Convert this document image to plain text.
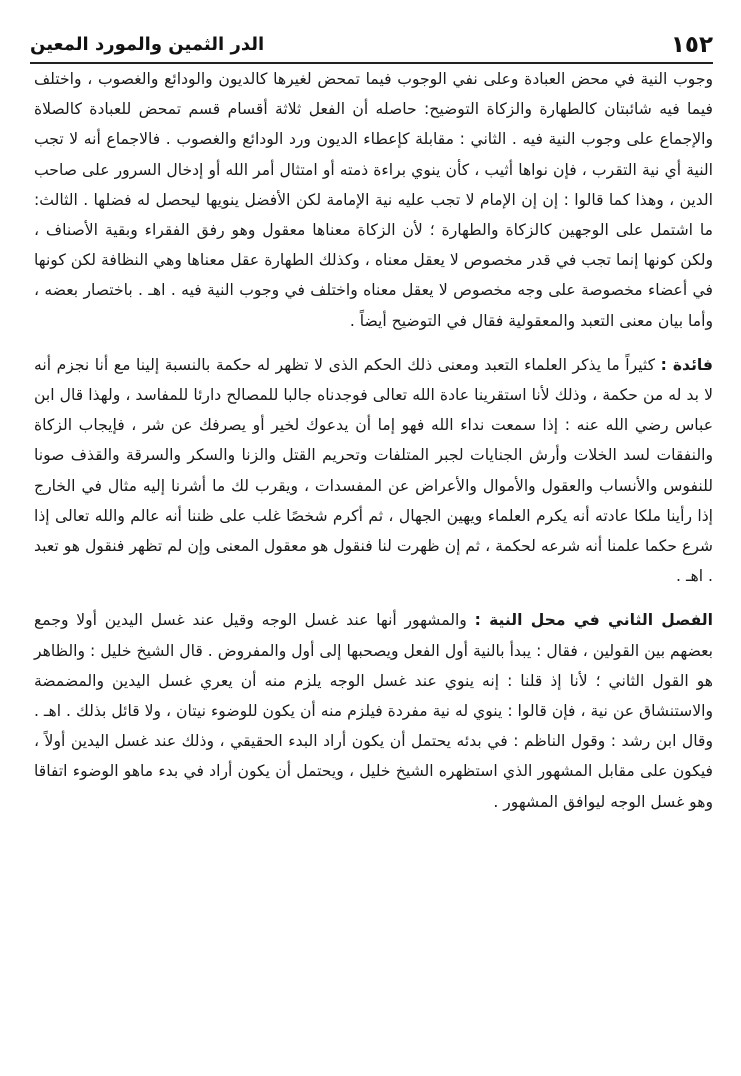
١٥٢
الدر الثمين والمورد المعين

وجوب النية في محض العبادة وعلى نفي الوجوب فيما تمحض لغيرها كالديون والودائع والغصوب ، واختلف فيما فيه شائبتان كالطهارة والزكاة التوضيح: حاصله أن الفعل ثلاثة أقسام قسم تمحض للعبادة كالصلاة والإجماع على وجوب النية فيه . الثاني : مقابلة كإعطاء الديون ورد الودائع والغصوب . فالاجماع أنه لا تجب النية أي نية التقرب ، فإن نواها أثيب ، كأن ينوي براءة ذمته أو امتثال أمر الله أو إدخال السرور على صاحب الدين ، وهذا كما قالوا : إن إن الإمام لا تجب عليه نية الإمامة لكن الأفضل ينويها ليحصل له فضلها . الثالث: ما اشتمل على الوجهين كالزكاة والطهارة ؛ لأن الزكاة معناها معقول وهو رفق الفقراء وبقية الأصناف ، ولكن كونها إنما تجب في قدر مخصوص لا يعقل معناه ، وكذلك الطهارة عقل معناها وهي النظافة لكن كونها في أعضاء مخصوصة على وجه مخصوص لا يعقل معناه واختلف في وجوب النية فيه . اهـ . باختصار بعضه ، وأما بيان معنى التعبد والمعقولية فقال في التوضيح أيضاً .

فائدة : كثيراً ما يذكر العلماء التعبد ومعنى ذلك الحكم الذى لا تظهر له حكمة بالنسبة إلينا مع أنا نجزم أنه لا بد له من حكمة ، وذلك لأنا استقرينا عادة الله تعالى فوجدناه جالبا للمصالح دارئا للمفاسد ، ولهذا قال ابن عباس رضي الله عنه : إذا سمعت نداء الله فهو إما أن يدعوك لخير أو يصرفك عن شر ، فإيجاب الزكاة والنفقات لسد الخلات وأرش الجنايات لجبر المتلفات وتحريم القتل والزنا والسكر والسرقة والقذف صونا للنفوس والأنساب والعقول والأموال والأعراض عن المفسدات ، ويقرب لك ما أشرنا إليه مثال في الخارج إذا رأينا ملكا عادته أنه يكرم العلماء ويهين الجهال ، ثم أكرم شخصًا غلب على ظننا أنه عالم والله تعالى إذا شرع حكما علمنا أنه شرعه لحكمة ، ثم إن ظهرت لنا فنقول هو معقول المعنى وإن لم تظهر فنقول هو تعبد . اهـ .

الفصل الثاني في محل النية : والمشهور أنها عند غسل الوجه وقيل عند غسل اليدين أولا وجمع بعضهم بين القولين ، فقال : يبدأ بالنية أول الفعل ويصحبها إلى أول والمفروض . قال الشيخ خليل : والظاهر هو القول الثاني ؛ لأنا إذ قلنا : إنه ينوي عند غسل الوجه يلزم منه أن يعري غسل اليدين والمضمضة والاستنشاق عن نية ، فإن قالوا : ينوي له نية مفردة فيلزم منه أن يكون للوضوء نيتان ، ولا قائل بذلك . اهـ . وقال ابن رشد : وقول الناظم : في بدئه يحتمل أن يكون أراد البدء الحقيقي ، وذلك عند غسل اليدين أولاً ، فيكون على مقابل المشهور الذي استظهره الشيخ خليل ، ويحتمل أن يكون أراد في بدء ماهو الوضوء اتفاقا وهو غسل الوجه ليوافق المشهور .
